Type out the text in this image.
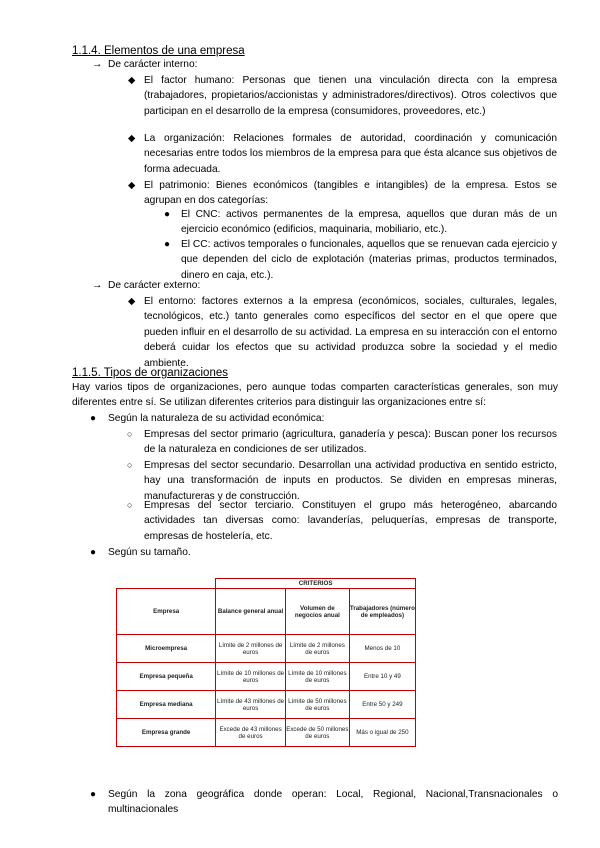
1.1.4. Elementos de una empresa
→ De carácter interno:
◆ El factor humano: Personas que tienen una vinculación directa con la empresa (trabajadores, propietarios/accionistas y administradores/directivos). Otros colectivos que participan en el desarrollo de la empresa (consumidores, proveedores, etc.)
◆ La organización: Relaciones formales de autoridad, coordinación y comunicación necesarias entre todos los miembros de la empresa para que ésta alcance sus objetivos de forma adecuada.
◆ El patrimonio: Bienes económicos (tangibles e intangibles) de la empresa. Estos se agrupan en dos categorías:
● El CNC: activos permanentes de la empresa, aquellos que duran más de un ejercicio económico (edificios, maquinaria, mobiliario, etc.).
● El CC: activos temporales o funcionales, aquellos que se renuevan cada ejercicio y que dependen del ciclo de explotación (materias primas, productos terminados, dinero en caja, etc.).
→ De carácter externo:
◆ El entorno: factores externos a la empresa (económicos, sociales, culturales, legales, tecnológicos, etc.) tanto generales como específicos del sector en el que opere que pueden influir en el desarrollo de su actividad. La empresa en su interacción con el entorno deberá cuidar los efectos que su actividad produzca sobre la sociedad y el medio ambiente.
1.1.5. Tipos de organizaciones
Hay varios tipos de organizaciones, pero aunque todas comparten características generales, son muy diferentes entre sí. Se utilizan diferentes criterios para distinguir las organizaciones entre sí:
● Según la naturaleza de su actividad económica:
○ Empresas del sector primario (agricultura, ganadería y pesca): Buscan poner los recursos de la naturaleza en condiciones de ser utilizados.
○ Empresas del sector secundario. Desarrollan una actividad productiva en sentido estricto, hay una transformación de inputs en productos. Se dividen en empresas mineras, manufactureras y de construcción.
○ Empresas del sector terciario. Constituyen el grupo más heterogéneo, abarcando actividades tan diversas como: lavanderías, peluquerías, empresas de transporte, empresas de hostelería, etc.
● Según su tamaño.
	CRITERIOS		
Empresa	Balance general anual	Volumen de negocios anual	Trabajadores (número de empleados)
Microempresa	Límite de 2 millones de euros	Límite de 2 millones de euros	Menos de 10
Empresa pequeña	Límite de 10 millones de euros	Límite de 10 millones de euros	Entre 10 y 49
Empresa mediana	Límite de 43 millones de euros	Límite de 50 millones de euros	Entre 50 y 249
Empresa grande	Excede de 43 millones de euros	Excede de 50 millones de euros	Más o igual de 250
● Según la zona geográfica donde operan: Local, Regional, Nacional,Transnacionales o multinacionales
